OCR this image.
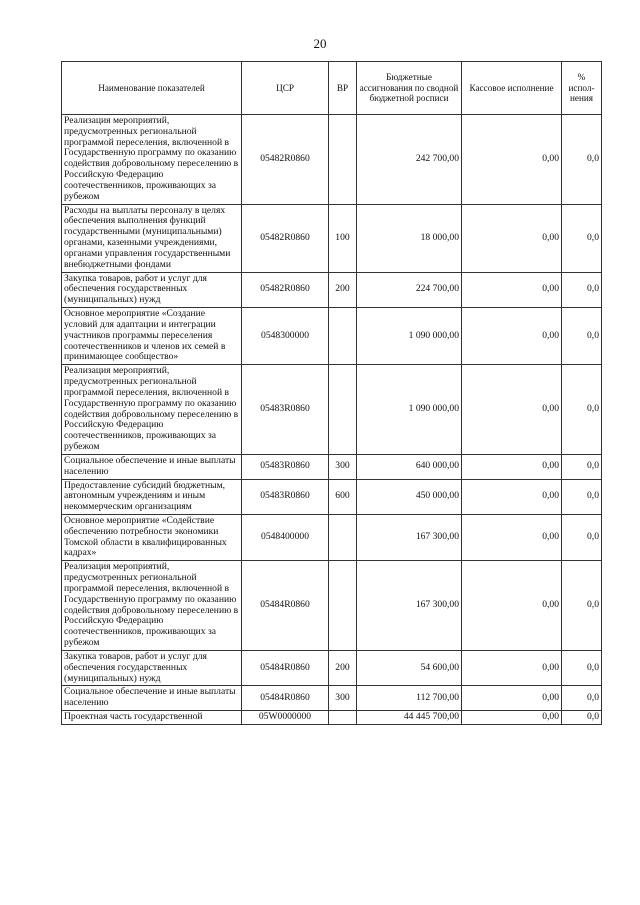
20
Наименование показателей	ЦСР	ВР	Бюджетные ассигнования по сводной бюджетной росписи	Кассовое исполнение	% испол-нения
Реализация мероприятий, предусмотренных региональной программой переселения, включенной в Государственную программу по оказанию содействия добровольному переселению в Российскую Федерацию соотечественников, проживающих за рубежом	05482R0860		242 700,00	0,00	0,0
Расходы на выплаты персоналу в целях обеспечения выполнения функций государственными (муниципальными) органами, казенными учреждениями, органами управления государственными внебюджетными фондами	05482R0860	100	18 000,00	0,00	0,0
Закупка товаров, работ и услуг для обеспечения государственных (муниципальных) нужд	05482R0860	200	224 700,00	0,00	0,0
Основное мероприятие «Создание условий для адаптации и интеграции участников программы переселения соотечественников и членов их семей в принимающее сообщество»	0548300000		1 090 000,00	0,00	0,0
Реализация мероприятий, предусмотренных региональной программой переселения, включенной в Государственную программу по оказанию содействия добровольному переселению в Российскую Федерацию соотечественников, проживающих за рубежом	05483R0860		1 090 000,00	0,00	0,0
Социальное обеспечение и иные выплаты населению	05483R0860	300	640 000,00	0,00	0,0
Предоставление субсидий бюджетным, автономным учреждениям и иным некоммерческим организациям	05483R0860	600	450 000,00	0,00	0,0
Основное мероприятие «Содействие обеспечению потребности экономики Томской области в квалифицированных кадрах»	0548400000		167 300,00	0,00	0,0
Реализация мероприятий, предусмотренных региональной программой переселения, включенной в Государственную программу по оказанию содействия добровольному переселению в Российскую Федерацию соотечественников, проживающих за рубежом	05484R0860		167 300,00	0,00	0,0
Закупка товаров, работ и услуг для обеспечения государственных (муниципальных) нужд	05484R0860	200	54 600,00	0,00	0,0
Социальное обеспечение и иные выплаты населению	05484R0860	300	112 700,00	0,00	0,0
Проектная часть государственной	05W0000000		44 445 700,00	0,00	0,0
